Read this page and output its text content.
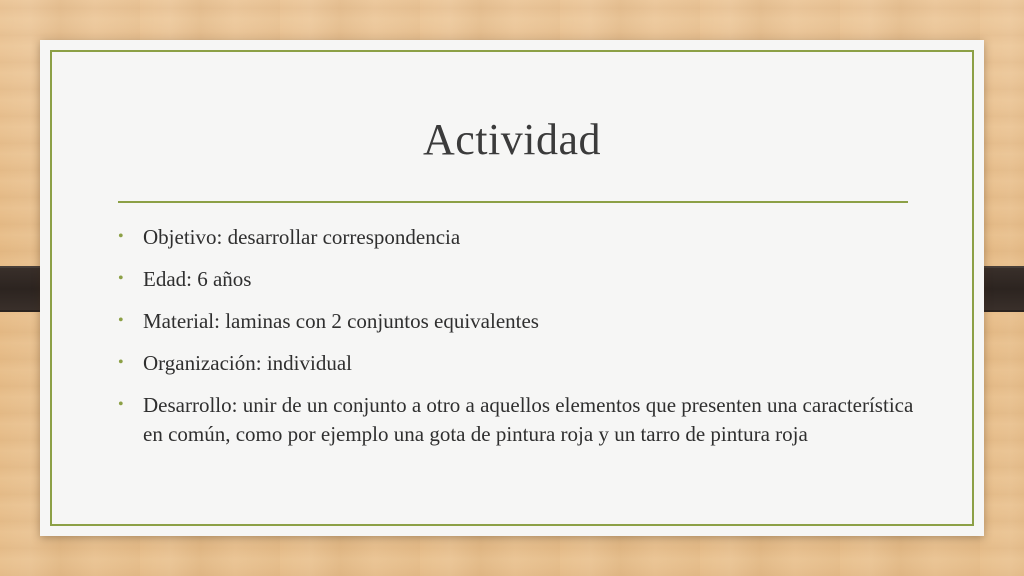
Actividad
• Objetivo: desarrollar correspondencia
• Edad: 6 años
• Material: laminas con 2 conjuntos equivalentes
• Organización: individual
• Desarrollo: unir de un conjunto a otro a aquellos elementos que presenten una característica en común, como por ejemplo una gota de pintura roja y un tarro de pintura roja
